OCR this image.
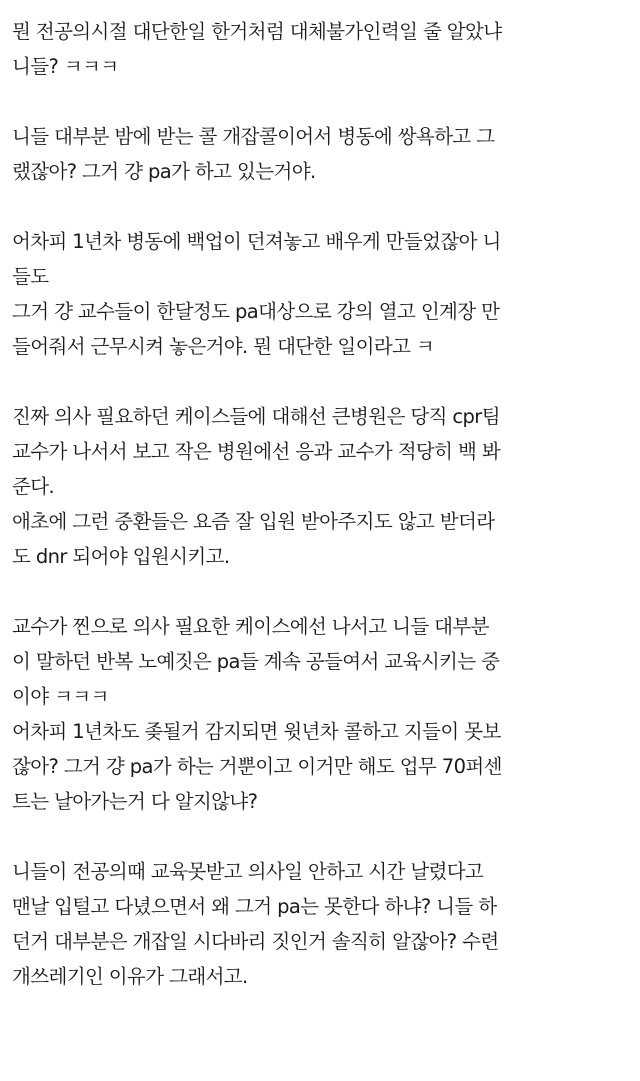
뭔 전공의시절 대단한일 한거처럼 대체불가인력일 줄 알았냐
니들? ㅋㅋㅋ
니들 대부분 밤에 받는 콜 개잡콜이어서 병동에 쌍욕하고 그
랬잖아? 그거 걍 pa가 하고 있는거야.
어차피 1년차 병동에 백업이 던져놓고 배우게 만들었잖아 니
들도
그거 걍 교수들이 한달정도 pa대상으로 강의 열고 인계장 만
들어줘서 근무시켜 놓은거야. 뭔 대단한 일이라고 ㅋ
진짜 의사 필요하던 케이스들에 대해선 큰병원은 당직 cpr팀
교수가 나서서 보고 작은 병원에선 응과 교수가 적당히 백 봐
준다.
애초에 그런 중환들은 요즘 잘 입원 받아주지도 않고 받더라
도 dnr 되어야 입원시키고.
교수가 찐으로 의사 필요한 케이스에선 나서고 니들 대부분
이 말하던 반복 노예짓은 pa들 계속 공들여서 교육시키는 중
이야 ㅋㅋㅋ
어차피 1년차도 좆될거 감지되면 윗년차 콜하고 지들이 못보
잖아? 그거 걍 pa가 하는 거뿐이고 이거만 해도 업무 70퍼센
트는 날아가는거 다 알지않냐?
니들이 전공의때 교육못받고 의사일 안하고 시간 날렸다고
맨날 입털고 다녔으면서 왜 그거 pa는 못한다 하냐? 니들 하
던거 대부분은 개잡일 시다바리 짓인거 솔직히 알잖아? 수련
개쓰레기인 이유가 그래서고.
